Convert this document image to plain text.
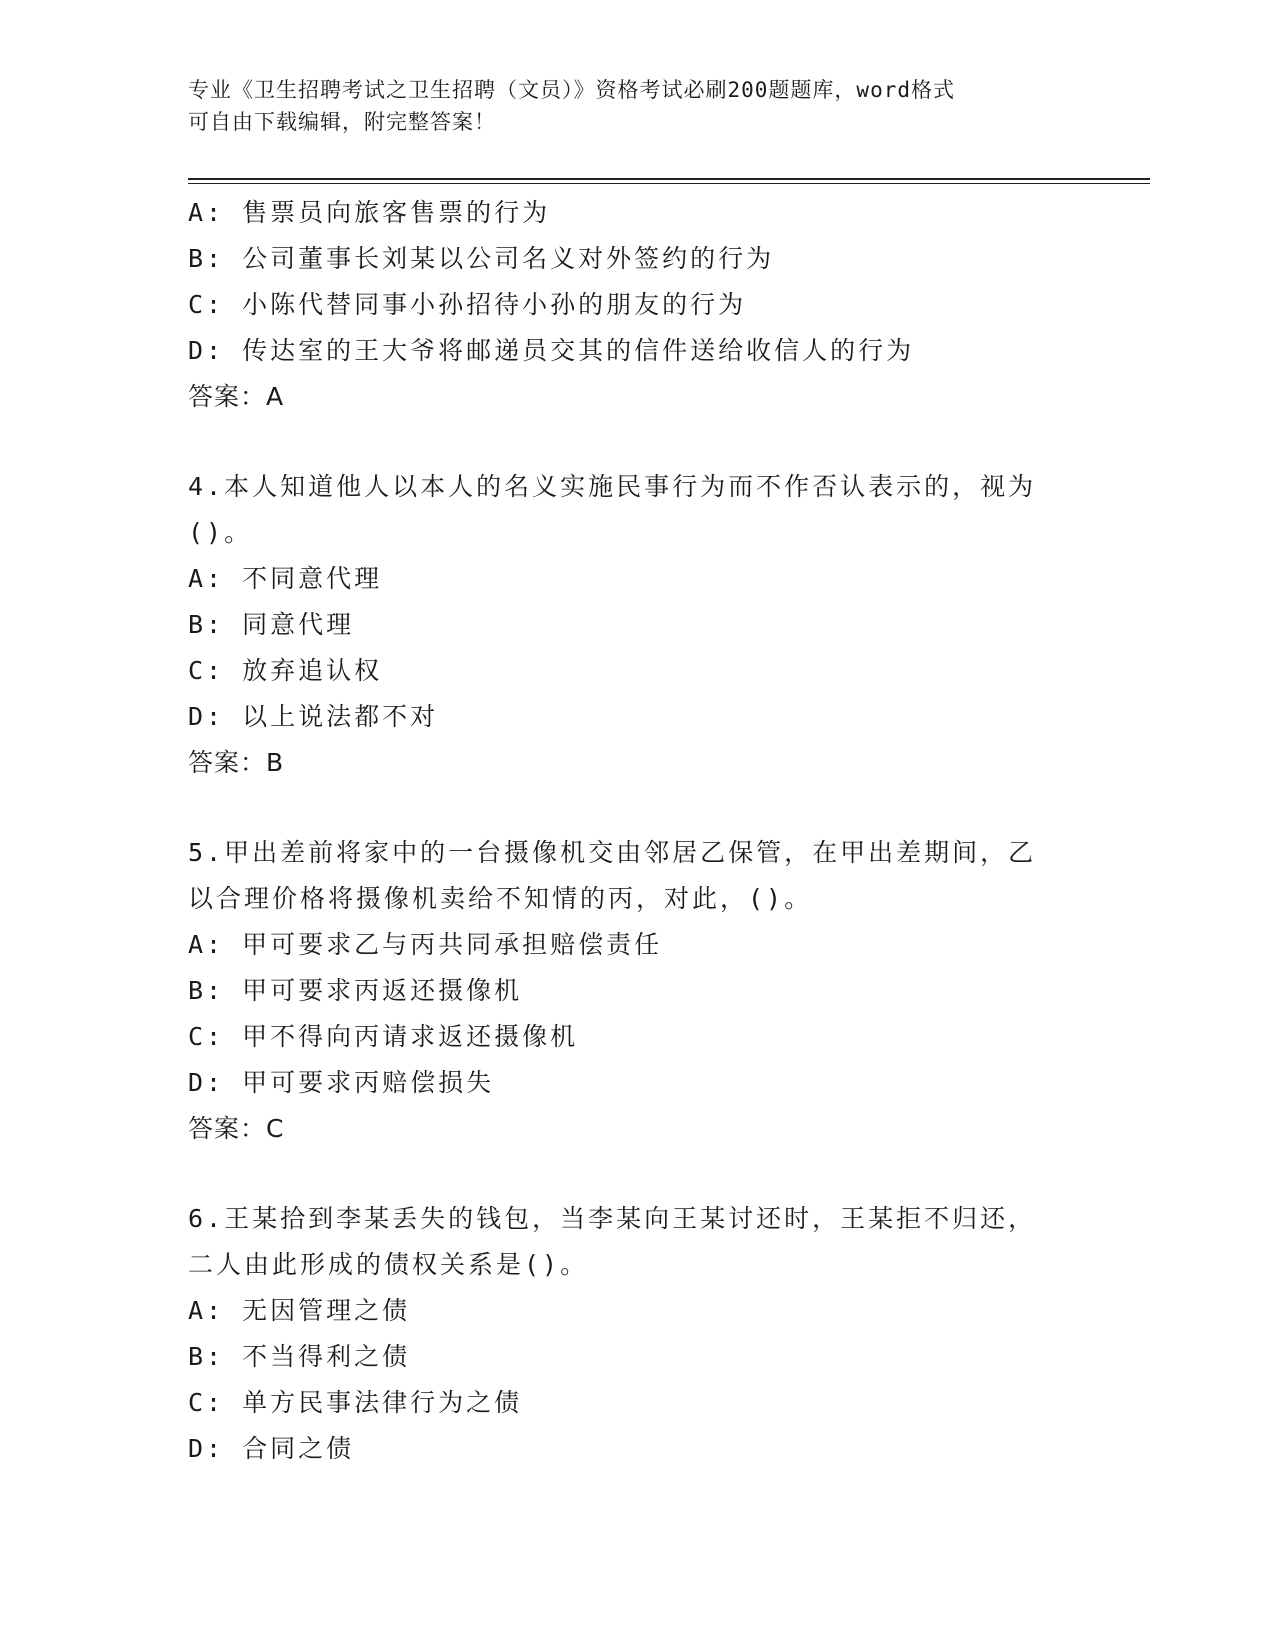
专业《卫生招聘考试之卫生招聘（文员）》资格考试必刷200题题库，word格式
可自由下载编辑，附完整答案！
A: 售票员向旅客售票的行为
B: 公司董事长刘某以公司名义对外签约的行为
C: 小陈代替同事小孙招待小孙的朋友的行为
D: 传达室的王大爷将邮递员交其的信件送给收信人的行为
答案：A
4.本人知道他人以本人的名义实施民事行为而不作否认表示的，视为
()。
A: 不同意代理
B: 同意代理
C: 放弃追认权
D: 以上说法都不对
答案：B
5.甲出差前将家中的一台摄像机交由邻居乙保管，在甲出差期间，乙
以合理价格将摄像机卖给不知情的丙，对此，()。
A: 甲可要求乙与丙共同承担赔偿责任
B: 甲可要求丙返还摄像机
C: 甲不得向丙请求返还摄像机
D: 甲可要求丙赔偿损失
答案：C
6.王某拾到李某丢失的钱包，当李某向王某讨还时，王某拒不归还，
二人由此形成的债权关系是()。
A: 无因管理之债
B: 不当得利之债
C: 单方民事法律行为之债
D: 合同之债
